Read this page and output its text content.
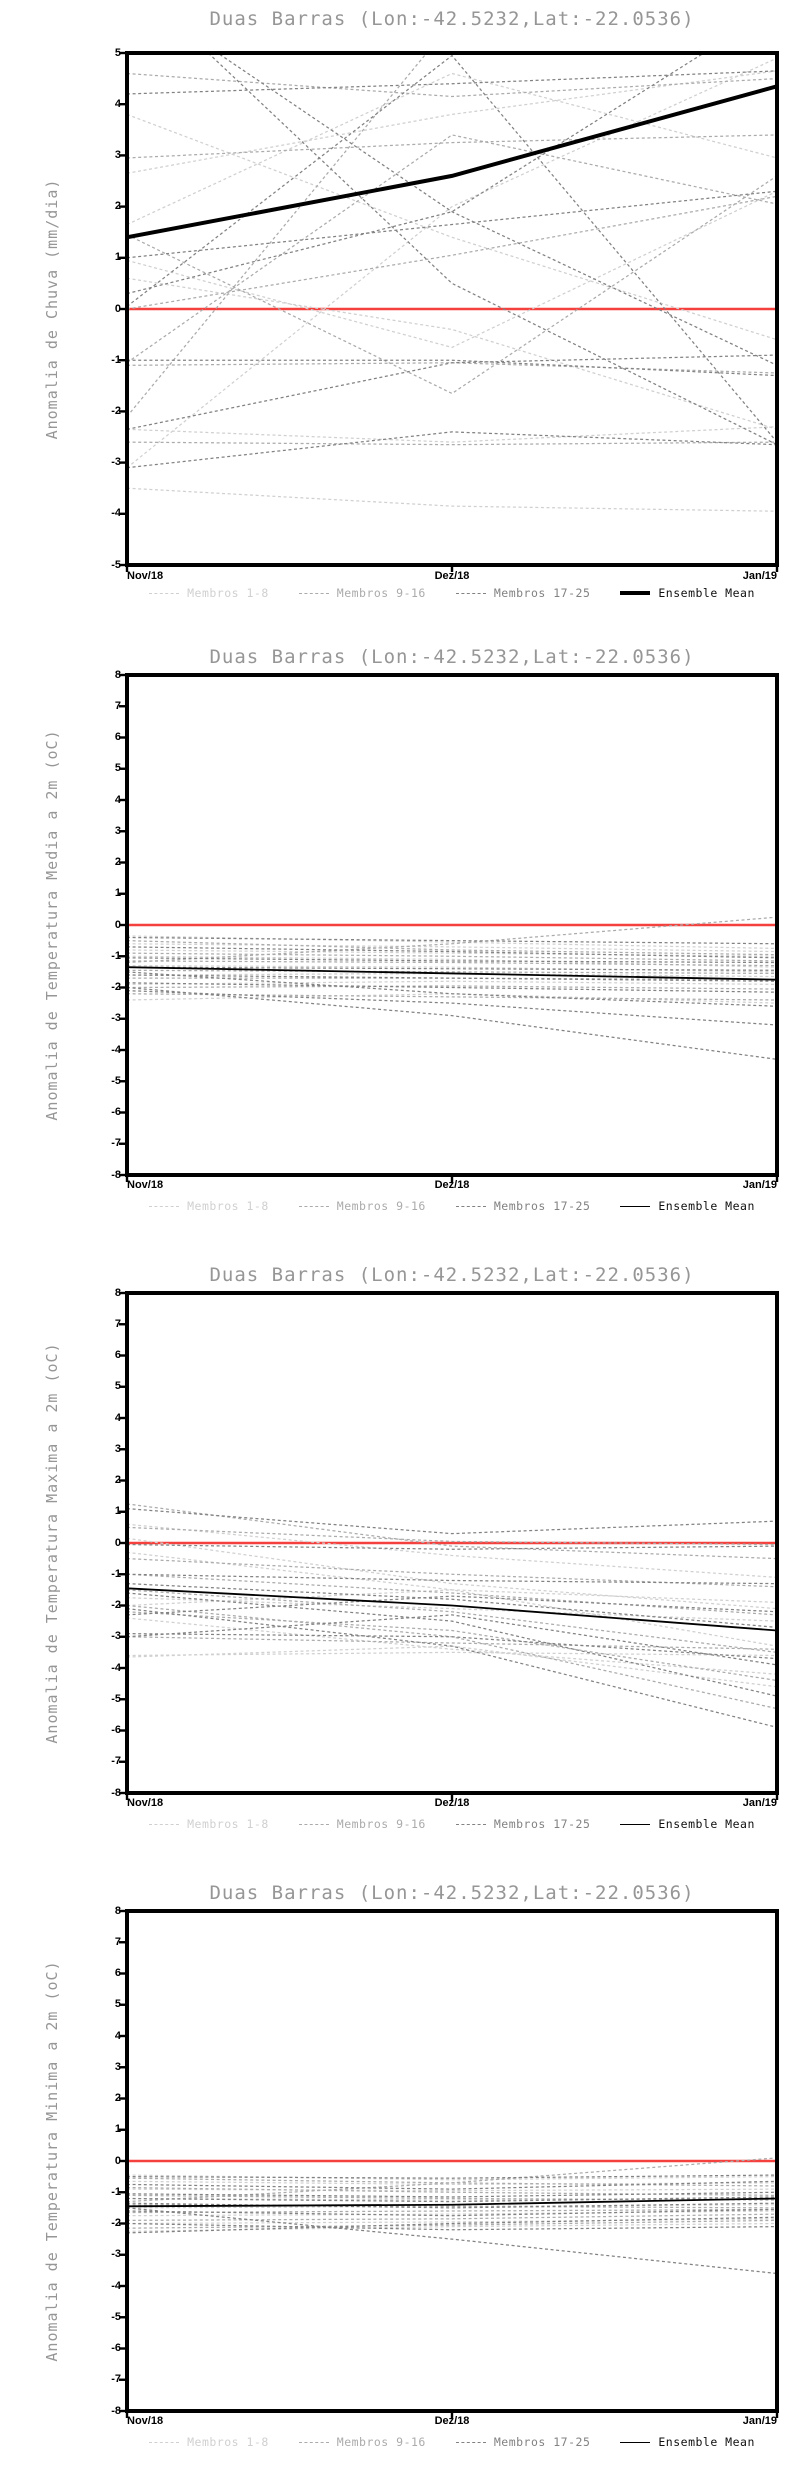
Duas Barras (Lon:-42.5232,Lat:-22.0536)
Anomalia de Chuva (mm/dia)
-5
-4
-3
-2
-1
0
1
2
3
4
5
Nov/18	Dez/18	Jan/19
Membros 1-8	Membros 9-16	Membros 17-25	Ensemble Mean
Duas Barras (Lon:-42.5232,Lat:-22.0536)
Anomalia de Temperatura Media a 2m (oC)
-8
-7
-6
-5
-4
-3
-2
-1
0
1
2
3
4
5
6
7
8
Nov/18	Dez/18	Jan/19
Membros 1-8	Membros 9-16	Membros 17-25	Ensemble Mean
Duas Barras (Lon:-42.5232,Lat:-22.0536)
Anomalia de Temperatura Maxima a 2m (oC)
-8
-7
-6
-5
-4
-3
-2
-1
0
1
2
3
4
5
6
7
8
Nov/18	Dez/18	Jan/19
Membros 1-8	Membros 9-16	Membros 17-25	Ensemble Mean
Duas Barras (Lon:-42.5232,Lat:-22.0536)
Anomalia de Temperatura Minima a 2m (oC)
-8
-7
-6
-5
-4
-3
-2
-1
0
1
2
3
4
5
6
7
8
Nov/18	Dez/18	Jan/19
Membros 1-8	Membros 9-16	Membros 17-25	Ensemble Mean
